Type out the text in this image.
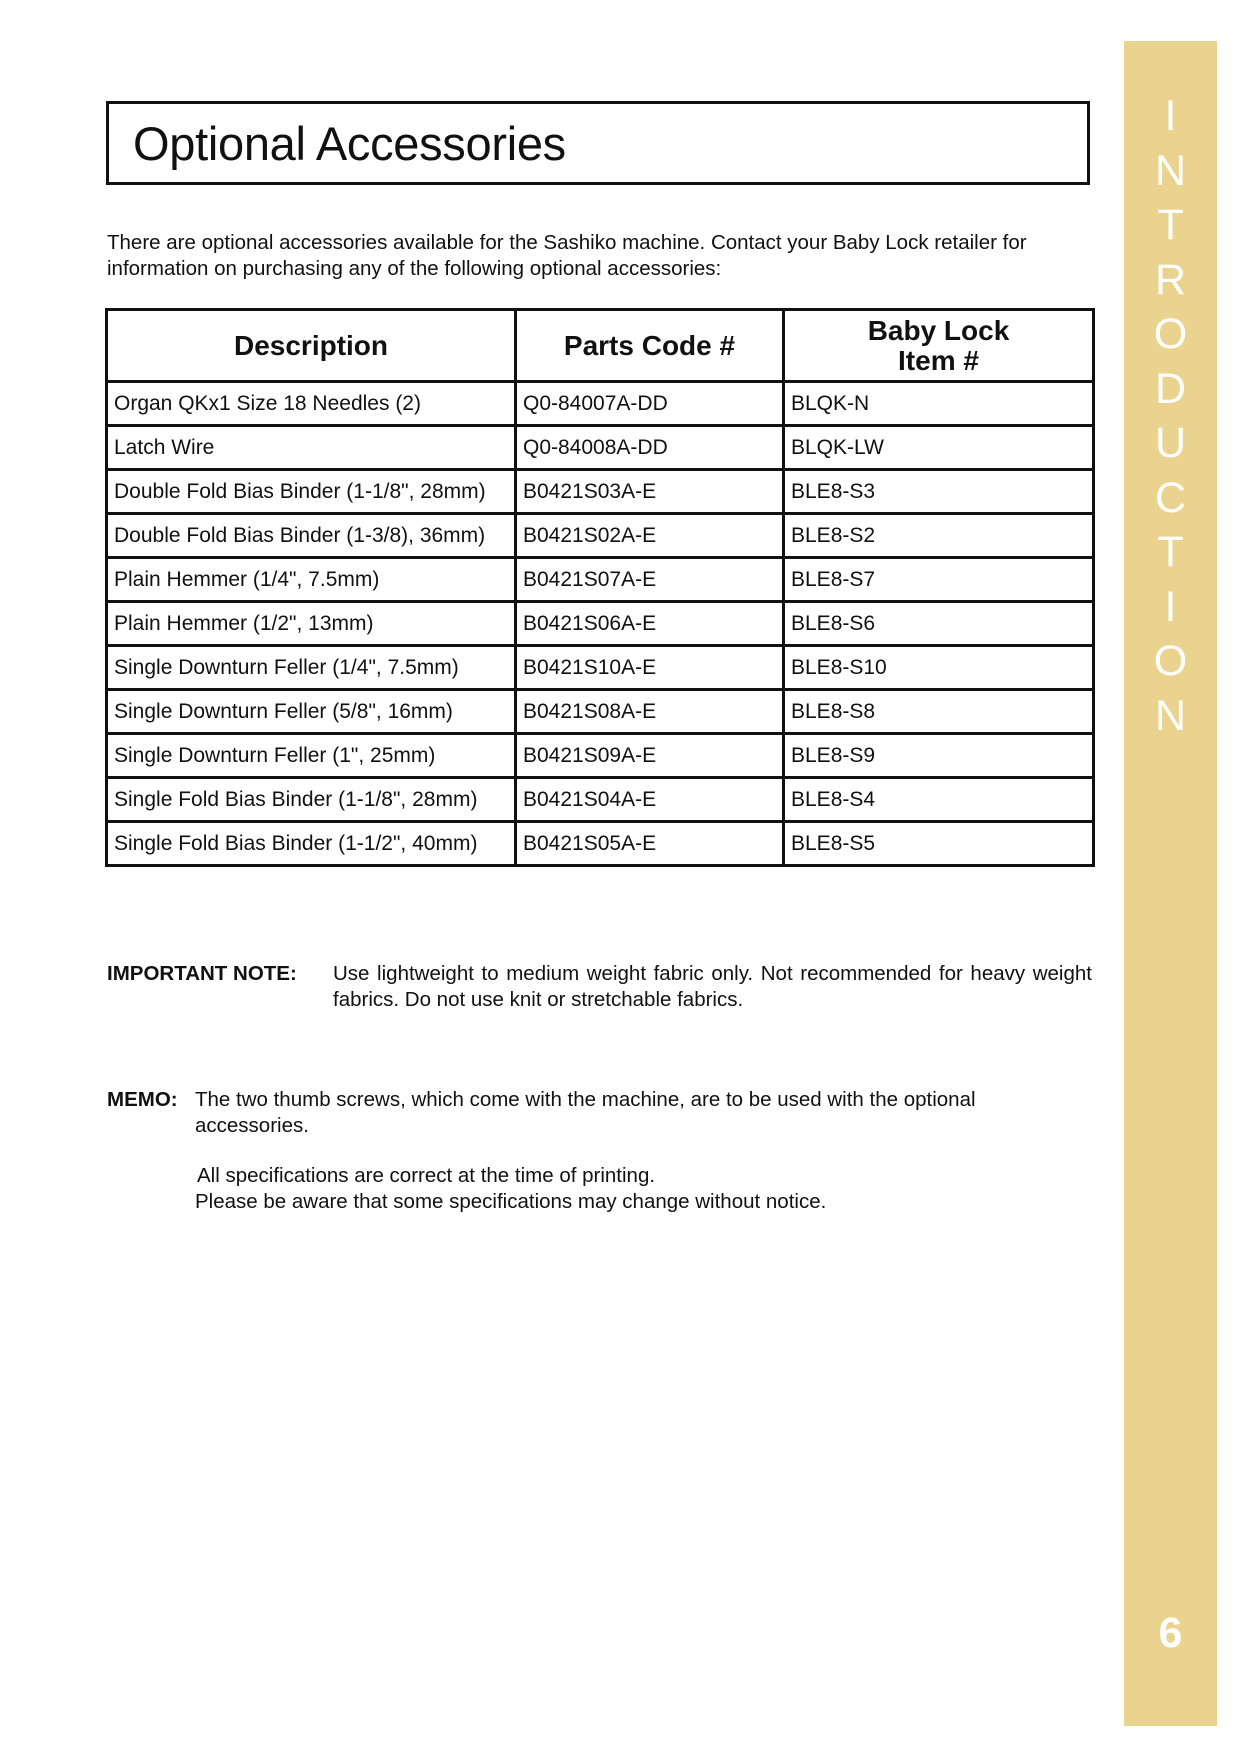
Optional Accessories

There are optional accessories available for the Sashiko machine. Contact your Baby Lock retailer for information on purchasing any of the following optional accessories:

Description	Parts Code #	Baby Lock
Item #
Organ QKx1 Size 18 Needles (2)	Q0-84007A-DD	BLQK-N
Latch Wire	Q0-84008A-DD	BLQK-LW
Double Fold Bias Binder (1-1/8", 28mm)	B0421S03A-E	BLE8-S3
Double Fold Bias Binder (1-3/8), 36mm)	B0421S02A-E	BLE8-S2
Plain Hemmer (1/4", 7.5mm)	B0421S07A-E	BLE8-S7
Plain Hemmer (1/2", 13mm)	B0421S06A-E	BLE8-S6
Single Downturn Feller (1/4", 7.5mm)	B0421S10A-E	BLE8-S10
Single Downturn Feller (5/8", 16mm)	B0421S08A-E	BLE8-S8
Single Downturn Feller (1", 25mm)	B0421S09A-E	BLE8-S9
Single Fold Bias Binder (1-1/8", 28mm)	B0421S04A-E	BLE8-S4
Single Fold Bias Binder (1-1/2", 40mm)	B0421S05A-E	BLE8-S5
IMPORTANT NOTE:	Use lightweight to medium weight fabric only. Not recommended for heavy weight fabrics. Do not use knit or stretchable fabrics.
MEMO: The two thumb screws, which come with the machine, are to be used with the optional accessories.

All specifications are correct at the time of printing.

Please be aware that some specifications may change without notice.

I
N
T
R
O
D
U
C
T
I
O
N
6
